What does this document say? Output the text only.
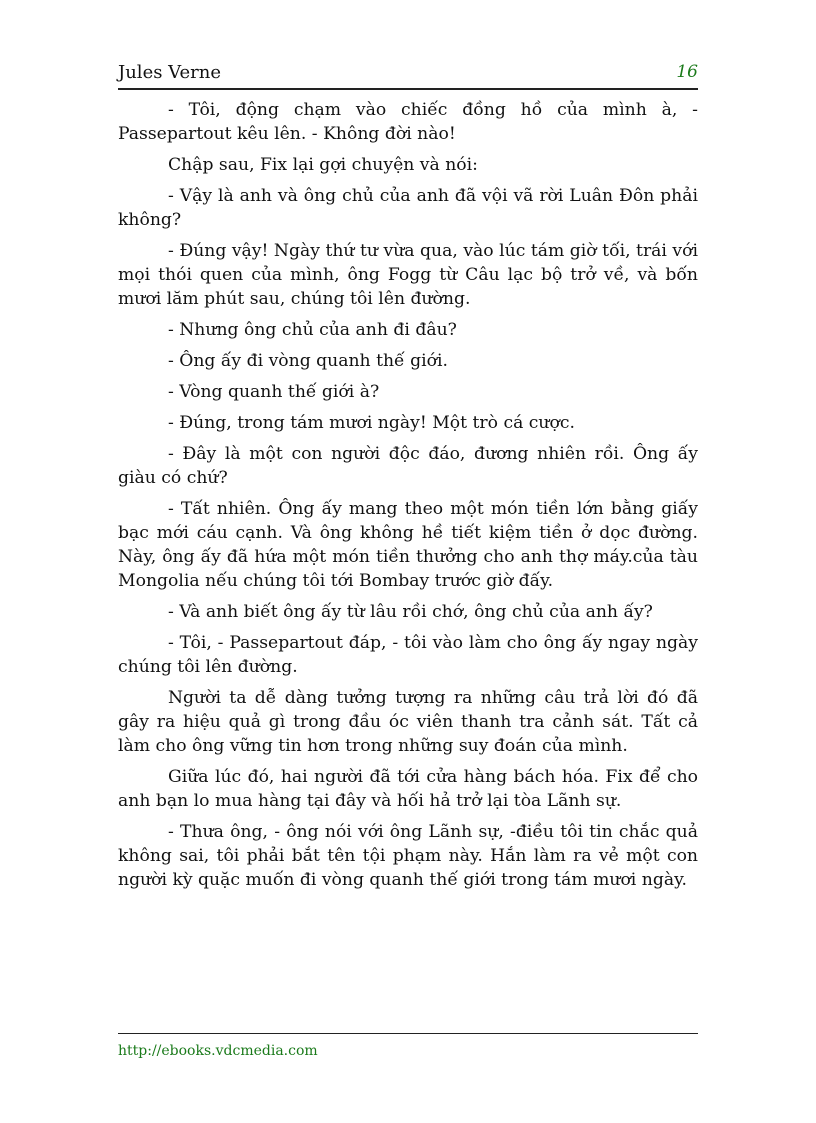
Jules Verne	16

- Tôi, động chạm vào chiếc đồng hồ của mình à, - Passepartout kêu lên. - Không đời nào!

Chập sau, Fix lại gợi chuyện và nói:

- Vậy là anh và ông chủ của anh đã vội vã rời Luân Đôn phải không?

- Đúng vậy! Ngày thứ tư vừa qua, vào lúc tám giờ tối, trái với mọi thói quen của mình, ông Fogg từ Câu lạc bộ trở về, và bốn mươi lăm phút sau, chúng tôi lên đường.

- Nhưng ông chủ của anh đi đâu?

- Ông ấy đi vòng quanh thế giới.

- Vòng quanh thế giới à?

- Đúng, trong tám mươi ngày! Một trò cá cược.

- Đây là một con người độc đáo, đương nhiên rồi. Ông ấy giàu có chứ?

- Tất nhiên. Ông ấy mang theo một món tiền lớn bằng giấy bạc mới cáu cạnh. Và ông không hề tiết kiệm tiền ở dọc đường. Này, ông ấy đã hứa một món tiền thưởng cho anh thợ máy.của tàu Mongolia nếu chúng tôi tới Bombay trước giờ đấy.

- Và anh biết ông ấy từ lâu rồi chớ, ông chủ của anh ấy?

- Tôi, - Passepartout đáp, - tôi vào làm cho ông ấy ngay ngày chúng tôi lên đường.

Người ta dễ dàng tưởng tượng ra những câu trả lời đó đã gây ra hiệu quả gì trong đầu óc viên thanh tra cảnh sát. Tất cả làm cho ông vững tin hơn trong những suy đoán của mình.

Giữa lúc đó, hai người đã tới cửa hàng bách hóa. Fix để cho anh bạn lo mua hàng tại đây và hối hả trở lại tòa Lãnh sự.

- Thưa ông, - ông nói với ông Lãnh sự, -điều tôi tin chắc quả không sai, tôi phải bắt tên tội phạm này. Hắn làm ra vẻ một con người kỳ quặc muốn đi vòng quanh thế giới trong tám mươi ngày.

http://ebooks.vdcmedia.com
